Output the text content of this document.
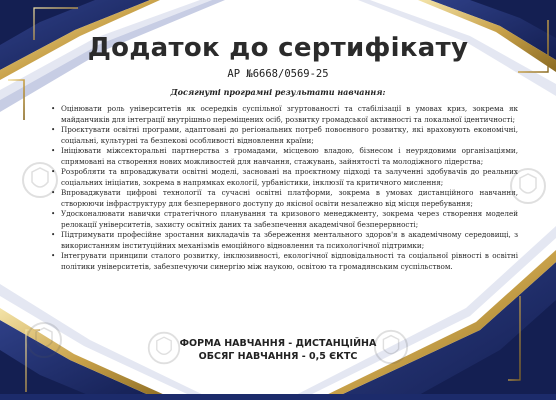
Додаток до сертифікату
АР №6668/0569-25
Досягнуті програмні результати навчання:
• Оцінювати роль університетів як осередків суспільної згуртованості та стабілізації в умовах криз, зокрема як майданчиків для інтеграції внутрішньо переміщених осіб, розвитку громадської активності та локальної ідентичності;
• Проєктувати освітні програми, адаптовані до регіональних потреб повоєнного розвитку, які враховують економічні, соціальні, культурні та безпекові особливості відновлення країни;
• Ініціювати міжсекторальні партнерства з громадами, місцевою владою, бізнесом і неурядовими організаціями, спрямовані на створення нових можливостей для навчання, стажувань, зайнятості та молодіжного лідерства;
• Розробляти та впроваджувати освітні моделі, засновані на проєктному підході та залученні здобувачів до реальних соціальних ініціатив, зокрема в напрямках екології, урбаністики, інклюзії та критичного мислення;
• Впроваджувати цифрові технології та сучасні освітні платформи, зокрема в умовах дистанційного навчання, створюючи інфраструктуру для безперервного доступу до якісної освіти незалежно від місця перебування;
• Удосконалювати навички стратегічного планування та кризового менеджменту, зокрема через створення моделей релокації університетів, захисту освітніх даних та забезпечення академічної безперервності;
• Підтримувати професійне зростання викладачів та збереження ментального здоров'я в академічному середовищі, з використанням інституційних механізмів емоційного відновлення та психологічної підтримки;
• Інтегрувати принципи сталого розвитку, інклюзивності, екологічної відповідальності та соціальної рівності в освітні політики університетів, забезпечуючи синергію між наукою, освітою та громадянським суспільством.
ФОРМА НАВЧАННЯ - ДИСТАНЦІЙНА
ОБСЯГ НАВЧАННЯ - 0,5 ЄКТС
